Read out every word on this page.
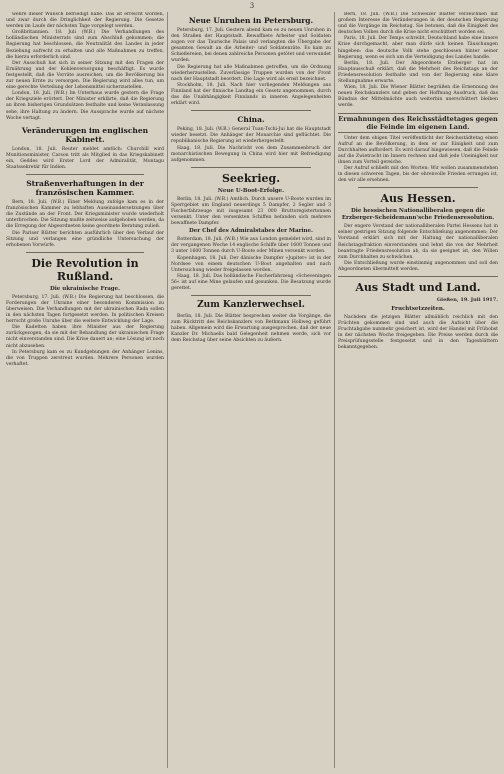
3

wehre dieser Wunsch befriedigt habe. Das ist erreicht worden, und zwar durch die Dringlichkeit der Regierung. Die Gesetze werden im Laufe der nächsten Tage vorgelegt werden.

Großbritannien. 18. Juli (W.B.) Die Verhandlungen des holländischen Ministerrats sind zum Abschluß gekommen; die Regierung hat beschlossen, die Neutralität des Landes in jeder Beziehung aufrecht zu erhalten und alle Maßnahmen zu treffen, die hierzu erforderlich sind.

Der Ausschuß hat sich in seiner Sitzung mit den Fragen der Ernährung und der Kohlenversorgung beschäftigt. Es wurde festgestellt, daß die Vorräte ausreichen, um die Bevölkerung bis zur neuen Ernte zu versorgen. Die Regierung wird alles tun, um eine gerechte Verteilung der Lebensmittel sicherzustellen.

London, 18. Juli. (W.B.) Im Unterhaus wurde gestern die Frage der Kriegsziele erörtert. Der Minister erklärte, daß die Regierung an ihren bisherigen Grundsätzen festhalte und keine Veranlassung sehe, ihre Haltung zu ändern. Die Aussprache wurde auf nächste Woche vertagt.

Veränderungen im englischen Kabinett.

London, 18. Juli. Reuter meldet amtlich: Churchill wird Munitionsminister, Carson tritt als Mitglied in das Kriegskabinett ein, Geddes wird Erster Lord der Admiralität, Montagu Staatssekretär für Indien.

Straßenverhaftungen in der französischen Kammer.

Bern, 18. Juli. (W.B.) Einer Meldung zufolge kam es in der französischen Kammer zu lebhaften Auseinandersetzungen über die Zustände an der Front. Der Kriegsminister wurde wiederholt unterbrochen. Die Sitzung mußte zeitweise aufgehoben werden, da die Erregung der Abgeordneten keine geordnete Beratung zuließ.

Die Pariser Blätter berichten ausführlich über den Verlauf der Sitzung und verlangen eine gründliche Untersuchung der erhobenen Vorwürfe.

Die Revolution in Rußland.
Die ukrainische Frage.

Petersburg, 17. Juli. (W.B.) Die Regierung hat beschlossen, die Forderungen der Ukraine einer besonderen Kommission zu überweisen. Die Verhandlungen mit der ukrainischen Rada sollen in den nächsten Tagen fortgesetzt werden. In politischen Kreisen herrscht große Unruhe über die weitere Entwicklung der Lage.

Die Kadetten haben ihre Minister aus der Regierung zurückgezogen, da sie mit der Behandlung der ukrainischen Frage nicht einverstanden sind. Die Krise dauert an; eine Lösung ist noch nicht abzusehen.

In Petersburg kam es zu Kundgebungen der Anhänger Lenins, die von Truppen zerstreut wurden. Mehrere Personen wurden verhaftet.

Neue Unruhen in Petersburg.

Petersburg, 17. Juli. Gestern abend kam es zu neuen Unruhen in den Straßen der Hauptstadt. Bewaffnete Arbeiter und Soldaten zogen vor das Taurische Palais und verlangten die Übergabe der gesamten Gewalt an die Arbeiter- und Soldatenräte. Es kam zu Schießereien, bei denen zahlreiche Personen getötet und verwundet wurden.

Die Regierung hat alle Maßnahmen getroffen, um die Ordnung wiederherzustellen. Zuverlässige Truppen wurden von der Front nach der Hauptstadt beordert. Die Lage wird als ernst bezeichnet.

Stockholm, 18. Juli. Nach hier vorliegenden Meldungen aus Finnland hat der finnische Landtag ein Gesetz angenommen, durch das die Unabhängigkeit Finnlands in inneren Angelegenheiten erklärt wird.

China.

Peking, 18. Juli. (W.B.) General Tuan-Tschi-Jui hat die Hauptstadt wieder besetzt. Die Anhänger der Monarchie sind geflüchtet. Die republikanische Regierung ist wiederhergestellt.

Haag, 18. Juli. Die Nachricht von dem Zusammenbruch der monarchistischen Bewegung in China wird hier mit Befriedigung aufgenommen.

Seekrieg.
Neue U-Boot-Erfolge.

Berlin, 18. Juli. (W.B.) Amtlich. Durch unsere U-Boote wurden im Sperrgebiet um England neuerdings 5 Dampfer, 2 Segler und 3 Fischerfahrzeuge mit insgesamt 23 000 Bruttoregistertonnen versenkt. Unter den versenkten Schiffen befanden sich mehrere bewaffnete Dampfer.

Der Chef des Admiralstabes der Marine.

Rotterdam, 18. Juli. (W.B.) Wie aus London gemeldet wird, sind in der vergangenen Woche 14 englische Schiffe über 1600 Tonnen und 3 unter 1600 Tonnen durch U-Boote oder Minen versenkt worden.

Kopenhagen, 18. Juli. Der dänische Dampfer »Jupiter« ist in der Nordsee von einem deutschen U-Boot angehalten und nach Untersuchung wieder freigelassen worden.

Haag, 18. Juli. Das holländische Fischerfahrzeug »Scheveningen 56« ist auf eine Mine gelaufen und gesunken. Die Besatzung wurde gerettet.

Zum Kanzlerwechsel.

Berlin, 18. Juli. Die Blätter besprechen weiter die Vorgänge, die zum Rücktritt des Reichskanzlers von Bethmann Hollweg geführt haben. Allgemein wird die Erwartung ausgesprochen, daß der neue Kanzler Dr. Michaelis bald Gelegenheit nehmen werde, sich vor dem Reichstag über seine Absichten zu äußern.

Bern, 18. Juli. (W.B.) Die Schweizer Blätter verzeichnen mit großem Interesse die Veränderungen in der deutschen Regierung und die Vorgänge im Reichstag. Sie betonen, daß die Einigkeit des deutschen Volkes durch die Krise nicht erschüttert worden sei.

Paris, 18. Juli. Der Temps schreibt, Deutschland habe eine innere Krise durchgemacht, aber man dürfe sich keinen Täuschungen hingeben: das deutsche Volk stehe geschlossen hinter seiner Regierung, wenn es sich um die Verteidigung des Landes handle.

Berlin, 18. Juli. Der Abgeordnete Erzberger hat im Hauptausschuß erklärt, daß die Mehrheit des Reichstags an der Friedensresolution festhalte und von der Regierung eine klare Stellungnahme erwarte.

Wien, 18. Juli. Die Wiener Blätter begrüßen die Ernennung des neuen Reichskanzlers und geben der Hoffnung Ausdruck, daß das Bündnis der Mittelmächte auch weiterhin unerschüttert bleiben werde.

Ermahnungen des Reichsstädtetages gegen die Feinde im eigenen Land.

Unter dem obigen Titel veröffentlicht der Reichsstädtetag einen Aufruf an die Bevölkerung, in dem er zur Einigkeit und zum Durchhalten auffordert. Es wird darauf hingewiesen, daß die Feinde auf die Zwietracht im Innern rechnen und daß jede Uneinigkeit nur ihnen zum Vorteil gereiche.

Der Aufruf schließt mit den Worten: Wir wollen zusammenstehen in diesen schweren Tagen, bis der ehrenvolle Frieden errungen ist, den wir alle ersehnen.

Aus Hessen.
Die hessischen Nationalliberalen gegen die Erzberger-Scheidemann'sche Friedensresolution.

Der engere Vorstand der nationalliberalen Partei Hessens hat in seiner gestrigen Sitzung folgende Entschließung angenommen: Der Vorstand erklärt sich mit der Haltung der nationalliberalen Reichstagsfraktion einverstanden und lehnt die von der Mehrheit beantragte Friedensresolution ab, da sie geeignet ist, den Willen zum Durchhalten zu schwächen.

Die Entschließung wurde einstimmig angenommen und soll den Abgeordneten übermittelt werden.

Aus Stadt und Land.
Gießen, 19. Juli 1917.
Fruchtsetzzeiten.

Nachdem die jetzigen Blätter allmählich reichlich mit den Früchten gekommen sind und auch die Aufsicht über die Fruchtabgabe nunmehr gesichert ist, wird der Handel mit Frühobst in der nächsten Woche freigegeben. Die Preise werden durch die Preisprüfungsstelle festgesetzt und in den Tagesblättern bekanntgegeben.
